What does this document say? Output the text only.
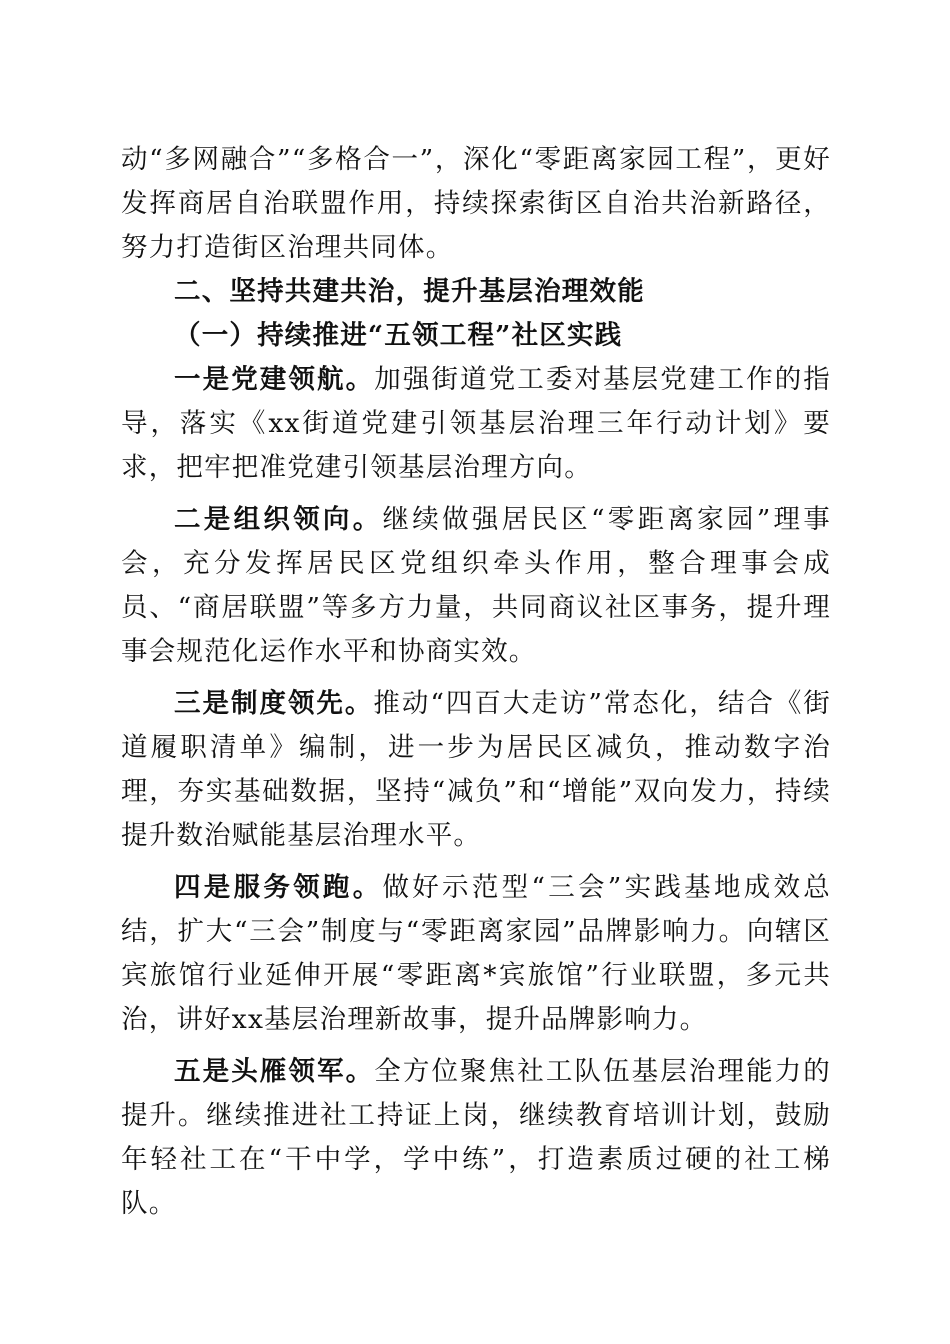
动“多网融合”“多格合一”，深化“零距离家园工程”，更好发挥商居自治联盟作用，持续探索街区自治共治新路径，努力打造街区治理共同体。

二、坚持共建共治，提升基层治理效能

（一）持续推进“五领工程”社区实践

一是党建领航。加强街道党工委对基层党建工作的指导，落实《xx街道党建引领基层治理三年行动计划》要求，把牢把准党建引领基层治理方向。

二是组织领向。继续做强居民区“零距离家园”理事会，充分发挥居民区党组织牵头作用，整合理事会成员、“商居联盟”等多方力量，共同商议社区事务，提升理事会规范化运作水平和协商实效。

三是制度领先。推动“四百大走访”常态化，结合《街道履职清单》编制，进一步为居民区减负，推动数字治理，夯实基础数据，坚持“减负”和“增能”双向发力，持续提升数治赋能基层治理水平。

四是服务领跑。做好示范型“三会”实践基地成效总结，扩大“三会”制度与“零距离家园”品牌影响力。向辖区宾旅馆行业延伸开展“零距离*宾旅馆”行业联盟，多元共治，讲好xx基层治理新故事，提升品牌影响力。

五是头雁领军。全方位聚焦社工队伍基层治理能力的提升。继续推进社工持证上岗，继续教育培训计划，鼓励年轻社工在“干中学，学中练”，打造素质过硬的社工梯队。
